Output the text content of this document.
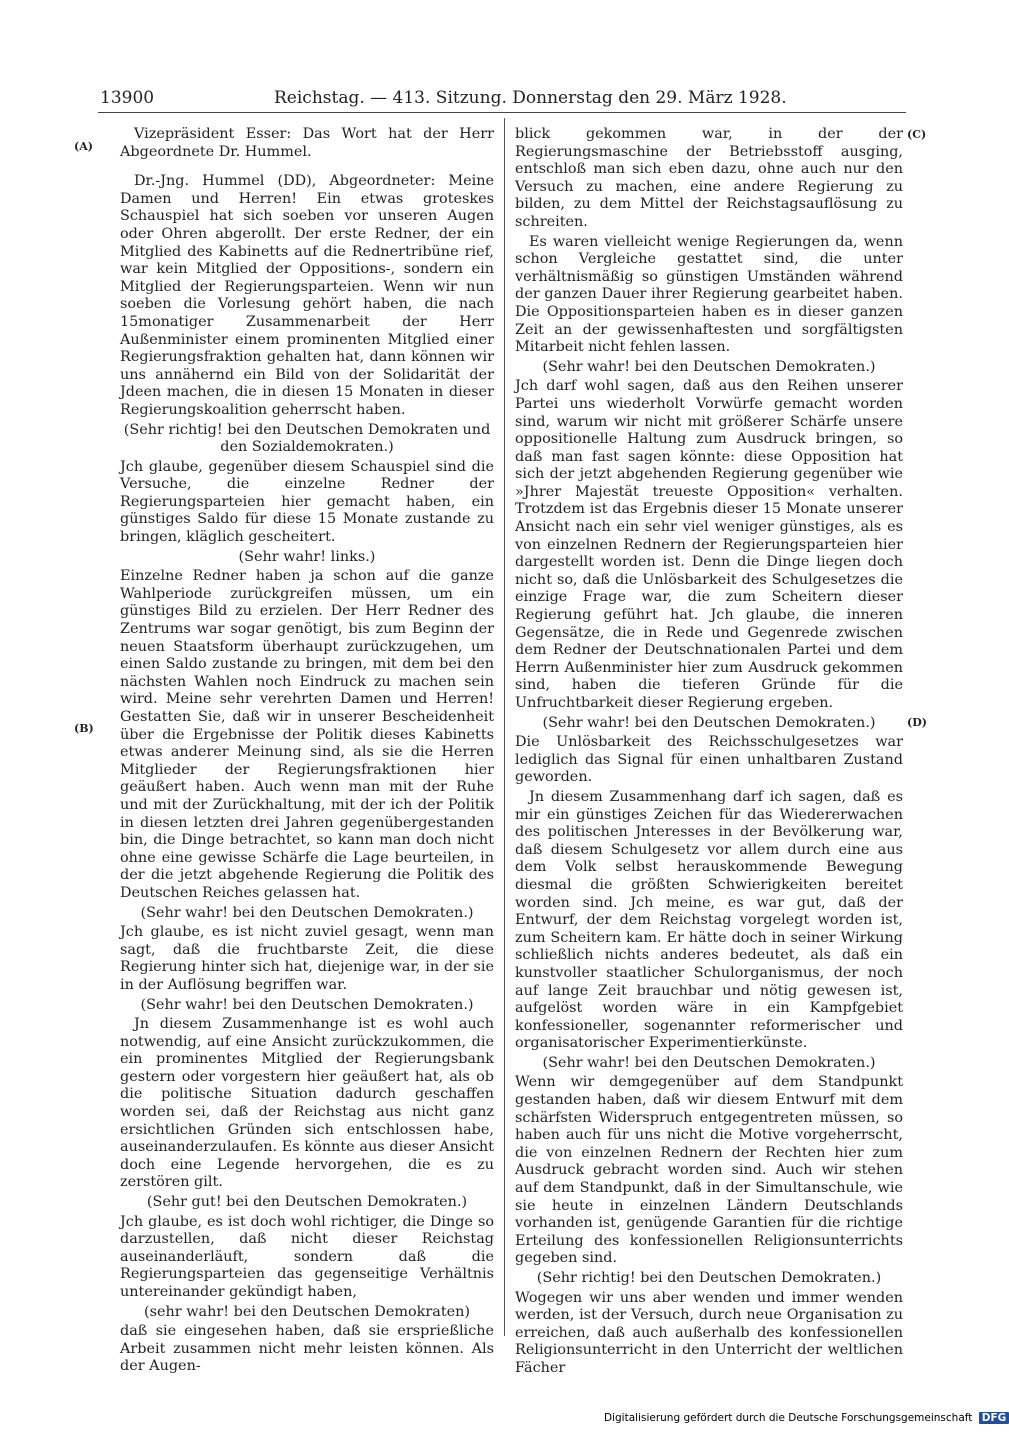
13900	Reichstag. — 413. Sitzung. Donnerstag den 29. März 1928.
(A)
(B)
(C)
(D)

Vizepräsident Esser: Das Wort hat der Herr Abgeordnete Dr. Hummel.

Dr.-Jng. Hummel (DD), Abgeordneter: Meine Damen und Herren! Ein etwas groteskes Schauspiel hat sich soeben vor unseren Augen oder Ohren abgerollt. Der erste Redner, der ein Mitglied des Kabinetts auf die Rednertribüne rief, war kein Mitglied der Oppositions-, sondern ein Mitglied der Regierungsparteien. Wenn wir nun soeben die Vorlesung gehört haben, die nach 15monatiger Zusammenarbeit der Herr Außenminister einem prominenten Mitglied einer Regierungsfraktion gehalten hat, dann können wir uns annähernd ein Bild von der Solidarität der Jdeen machen, die in diesen 15 Monaten in dieser Regierungskoalition geherrscht haben.

(Sehr richtig! bei den Deutschen Demokraten und den Sozialdemokraten.)

Jch glaube, gegenüber diesem Schauspiel sind die Versuche, die einzelne Redner der Regierungsparteien hier gemacht haben, ein günstiges Saldo für diese 15 Monate zustande zu bringen, kläglich gescheitert.

(Sehr wahr! links.)

Einzelne Redner haben ja schon auf die ganze Wahlperiode zurückgreifen müssen, um ein günstiges Bild zu erzielen. Der Herr Redner des Zentrums war sogar genötigt, bis zum Beginn der neuen Staatsform überhaupt zurückzugehen, um einen Saldo zustande zu bringen, mit dem bei den nächsten Wahlen noch Eindruck zu machen sein wird. Meine sehr verehrten Damen und Herren! Gestatten Sie, daß wir in unserer Bescheidenheit über die Ergebnisse der Politik dieses Kabinetts etwas anderer Meinung sind, als sie die Herren Mitglieder der Regierungsfraktionen hier geäußert haben. Auch wenn man mit der Ruhe und mit der Zurückhaltung, mit der ich der Politik in diesen letzten drei Jahren gegenübergestanden bin, die Dinge betrachtet, so kann man doch nicht ohne eine gewisse Schärfe die Lage beurteilen, in der die jetzt abgehende Regierung die Politik des Deutschen Reiches gelassen hat.

(Sehr wahr! bei den Deutschen Demokraten.)

Jch glaube, es ist nicht zuviel gesagt, wenn man sagt, daß die fruchtbarste Zeit, die diese Regierung hinter sich hat, diejenige war, in der sie in der Auflösung begriffen war.

(Sehr wahr! bei den Deutschen Demokraten.)

Jn diesem Zusammenhange ist es wohl auch notwendig, auf eine Ansicht zurückzukommen, die ein prominentes Mitglied der Regierungsbank gestern oder vorgestern hier geäußert hat, als ob die politische Situation dadurch geschaffen worden sei, daß der Reichstag aus nicht ganz ersichtlichen Gründen sich entschlossen habe, auseinanderzulaufen. Es könnte aus dieser Ansicht doch eine Legende hervorgehen, die es zu zerstören gilt.

(Sehr gut! bei den Deutschen Demokraten.)

Jch glaube, es ist doch wohl richtiger, die Dinge so darzustellen, daß nicht dieser Reichstag auseinanderläuft, sondern daß die Regierungsparteien das gegenseitige Verhältnis untereinander gekündigt haben,

(sehr wahr! bei den Deutschen Demokraten)

daß sie eingesehen haben, daß sie ersprießliche Arbeit zusammen nicht mehr leisten können. Als der Augen-

blick gekommen war, in der der Regierungsmaschine der Betriebsstoff ausging, entschloß man sich eben dazu, ohne auch nur den Versuch zu machen, eine andere Regierung zu bilden, zu dem Mittel der Reichstagsauflösung zu schreiten.

Es waren vielleicht wenige Regierungen da, wenn schon Vergleiche gestattet sind, die unter verhältnismäßig so günstigen Umständen während der ganzen Dauer ihrer Regierung gearbeitet haben. Die Oppositionsparteien haben es in dieser ganzen Zeit an der gewissenhaftesten und sorgfältigsten Mitarbeit nicht fehlen lassen.

(Sehr wahr! bei den Deutschen Demokraten.)

Jch darf wohl sagen, daß aus den Reihen unserer Partei uns wiederholt Vorwürfe gemacht worden sind, warum wir nicht mit größerer Schärfe unsere oppositionelle Haltung zum Ausdruck bringen, so daß man fast sagen könnte: diese Opposition hat sich der jetzt abgehenden Regierung gegenüber wie »Jhrer Majestät treueste Opposition« verhalten. Trotzdem ist das Ergebnis dieser 15 Monate unserer Ansicht nach ein sehr viel weniger günstiges, als es von einzelnen Rednern der Regierungsparteien hier dargestellt worden ist. Denn die Dinge liegen doch nicht so, daß die Unlösbarkeit des Schulgesetzes die einzige Frage war, die zum Scheitern dieser Regierung geführt hat. Jch glaube, die inneren Gegensätze, die in Rede und Gegenrede zwischen dem Redner der Deutschnationalen Partei und dem Herrn Außenminister hier zum Ausdruck gekommen sind, haben die tieferen Gründe für die Unfruchtbarkeit dieser Regierung ergeben.

(Sehr wahr! bei den Deutschen Demokraten.)

Die Unlösbarkeit des Reichsschulgesetzes war lediglich das Signal für einen unhaltbaren Zustand geworden.

Jn diesem Zusammenhang darf ich sagen, daß es mir ein günstiges Zeichen für das Wiedererwachen des politischen Jnteresses in der Bevölkerung war, daß diesem Schulgesetz vor allem durch eine aus dem Volk selbst herauskommende Bewegung diesmal die größten Schwierigkeiten bereitet worden sind. Jch meine, es war gut, daß der Entwurf, der dem Reichstag vorgelegt worden ist, zum Scheitern kam. Er hätte doch in seiner Wirkung schließlich nichts anderes bedeutet, als daß ein kunstvoller staatlicher Schulorganismus, der noch auf lange Zeit brauchbar und nötig gewesen ist, aufgelöst worden wäre in ein Kampfgebiet konfessioneller, sogenannter reformerischer und organisatorischer Experimentierkünste.

(Sehr wahr! bei den Deutschen Demokraten.)

Wenn wir demgegenüber auf dem Standpunkt gestanden haben, daß wir diesem Entwurf mit dem schärfsten Widerspruch entgegentreten müssen, so haben auch für uns nicht die Motive vorgeherrscht, die von einzelnen Rednern der Rechten hier zum Ausdruck gebracht worden sind. Auch wir stehen auf dem Standpunkt, daß in der Simultanschule, wie sie heute in einzelnen Ländern Deutschlands vorhanden ist, genügende Garantien für die richtige Erteilung des konfessionellen Religionsunterrichts gegeben sind.

(Sehr richtig! bei den Deutschen Demokraten.)

Wogegen wir uns aber wenden und immer wenden werden, ist der Versuch, durch neue Organisation zu erreichen, daß auch außerhalb des konfessionellen Religionsunterricht in den Unterricht der weltlichen Fächer

Digitalisierung gefördert durch die Deutsche Forschungsgemeinschaft DFG
